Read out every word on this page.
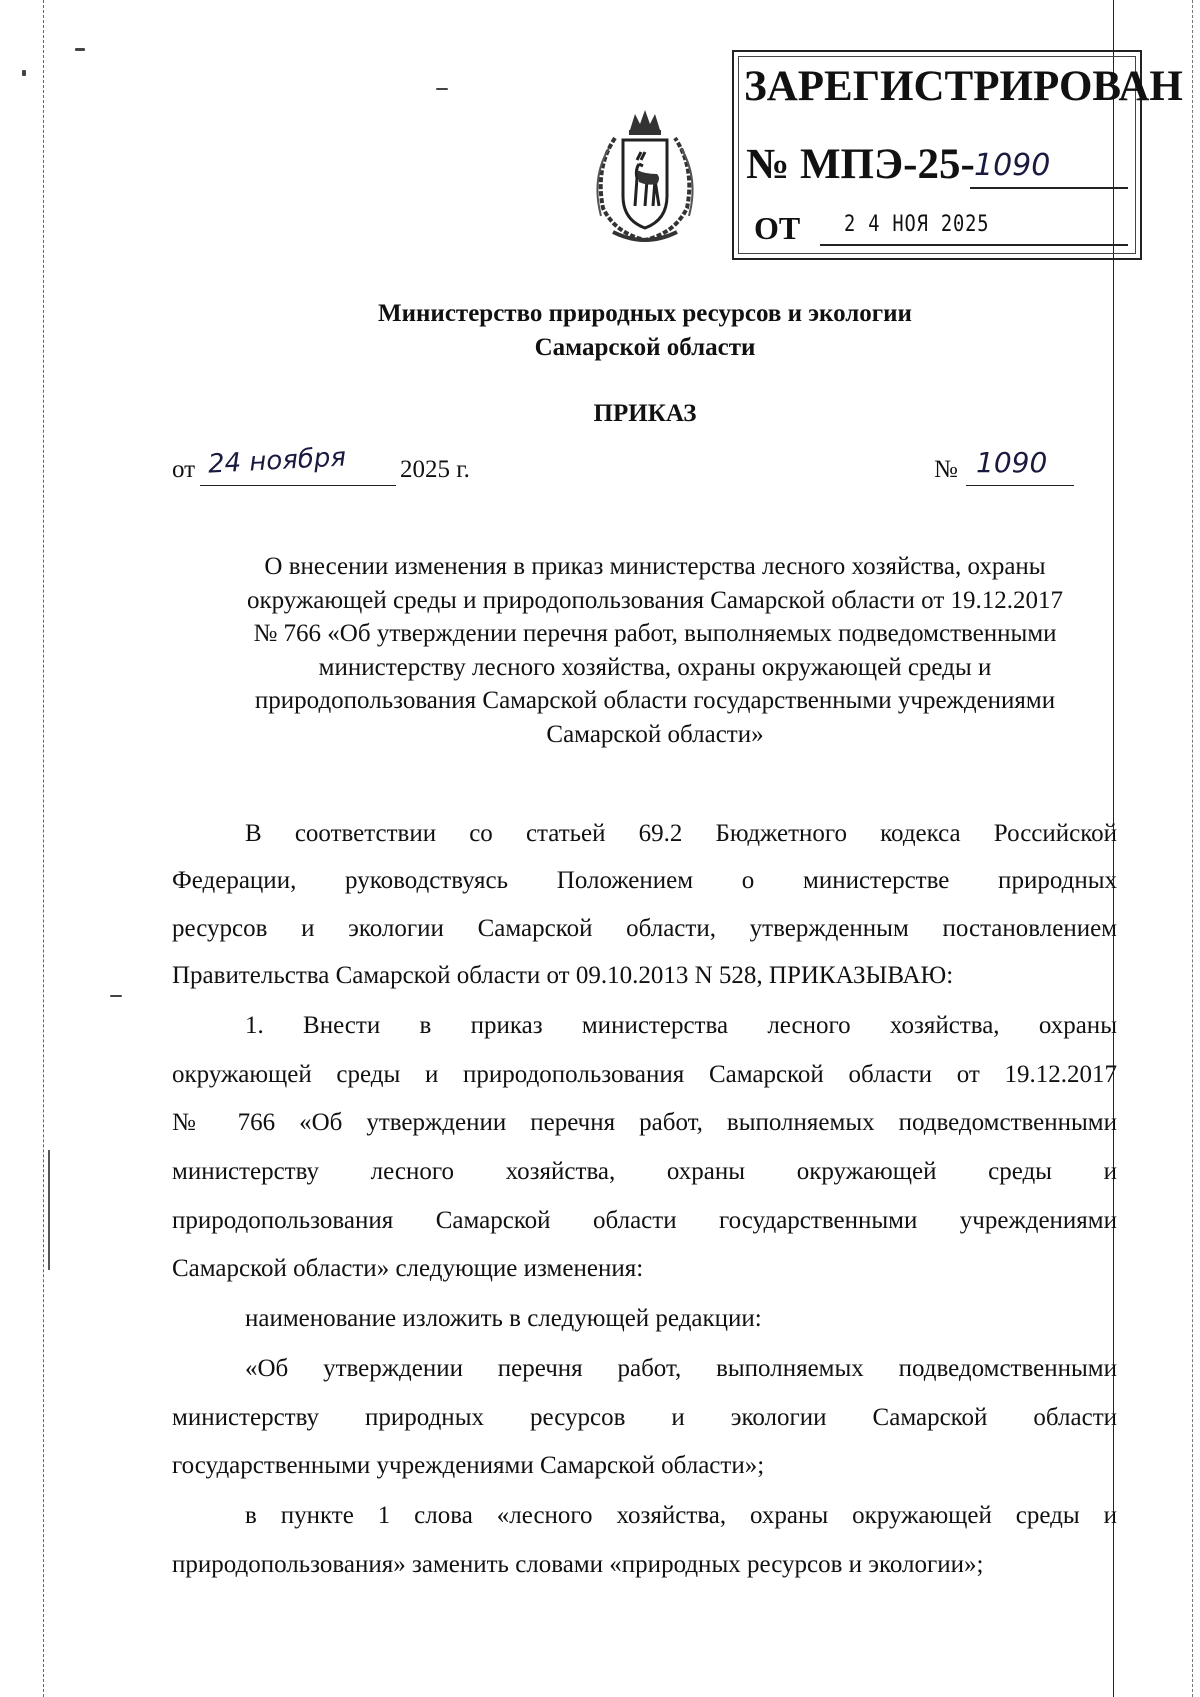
ЗАРЕГИСТРИРОВАН
№ МПЭ-25- 1090
ОТ 2 4 НОЯ 2025
Министерство природных ресурсов и экологии
Самарской области
ПРИКАЗ
от 24 ноября 2025 г.	№ 1090
О внесении изменения в приказ министерства лесного хозяйства, охраны
окружающей среды и природопользования Самарской области от 19.12.2017
№ 766 «Об утверждении перечня работ, выполняемых подведомственными
министерству лесного хозяйства, охраны окружающей среды и
природопользования Самарской области государственными учреждениями
Самарской области»
В соответствии со статьей 69.2 Бюджетного кодекса Российской
Федерации, руководствуясь Положением о министерстве природных
ресурсов и экологии Самарской области, утвержденным постановлением
Правительства Самарской области от 09.10.2013 N 528, ПРИКАЗЫВАЮ:
1. Внести в приказ министерства лесного хозяйства, охраны
окружающей среды и природопользования Самарской области от 19.12.2017
№ 766 «Об утверждении перечня работ, выполняемых подведомственными
министерству лесного хозяйства, охраны окружающей среды и
природопользования Самарской области государственными учреждениями
Самарской области» следующие изменения:
наименование изложить в следующей редакции:
«Об утверждении перечня работ, выполняемых подведомственными
министерству природных ресурсов и экологии Самарской области
государственными учреждениями Самарской области»;
в пункте 1 слова «лесного хозяйства, охраны окружающей среды и
природопользования» заменить словами «природных ресурсов и экологии»;
